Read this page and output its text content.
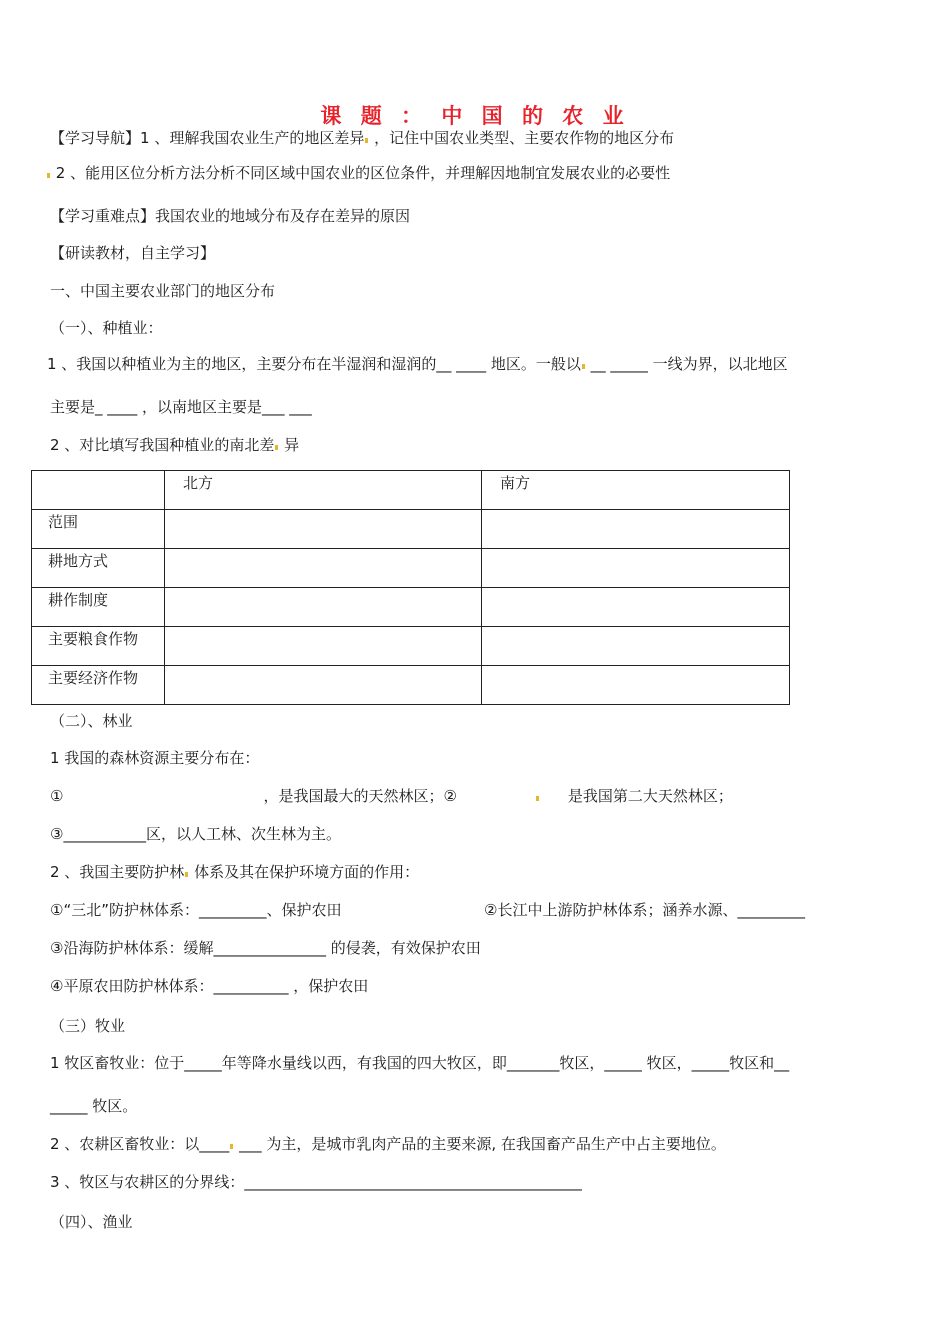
课 题 ： 中 国 的 农 业
【学习导航】1 、理解我国农业生产的地区差异 ，记住中国农业类型、主要农作物的地区分布
2 、能用区位分析方法分析不同区域中国农业的区位条件，并理解因地制宜发展农业的必要性
【学习重难点】我国农业的地域分布及存在差异的原因
【研读教材，自主学习】
一、中国主要农业部门的地区分布
（一）、种植业：
1 、我国以种植业为主的地区，主要分布在半湿润和湿润的__ ____ 地区。一般以 __ _____ 一线为界，以北地区
主要是_ ____ ，以南地区主要是___ ___
2 、对比填写我国种植业的南北差 异
	北方	南方
范围		
耕地方式		
耕作制度		
主要粮食作物		
主要经济作物		
（二）、林业
1 我国的森林资源主要分布在：
①	，是我国最大的天然林区；②	是我国第二大天然林区；
③___________区，以人工林、次生林为主。
2 、我国主要防护林 体系及其在保护环境方面的作用：
①“三北”防护林体系：_________、保护农田	②长江中上游防护林体系；涵养水源、_________
③沿海防护林体系：缓解_______________ 的侵袭，有效保护农田
④平原农田防护林体系：__________ ，保护农田
（三）牧业
1 牧区畜牧业：位于_____年等降水量线以西，有我国的四大牧区，即_______牧区，_____ 牧区，_____牧区和__
_____ 牧区。
2 、农耕区畜牧业：以____ ___ 为主，是城市乳肉产品的主要来源, 在我国畜产品生产中占主要地位。
3 、牧区与农耕区的分界线：_____________________________________________
（四）、渔业
